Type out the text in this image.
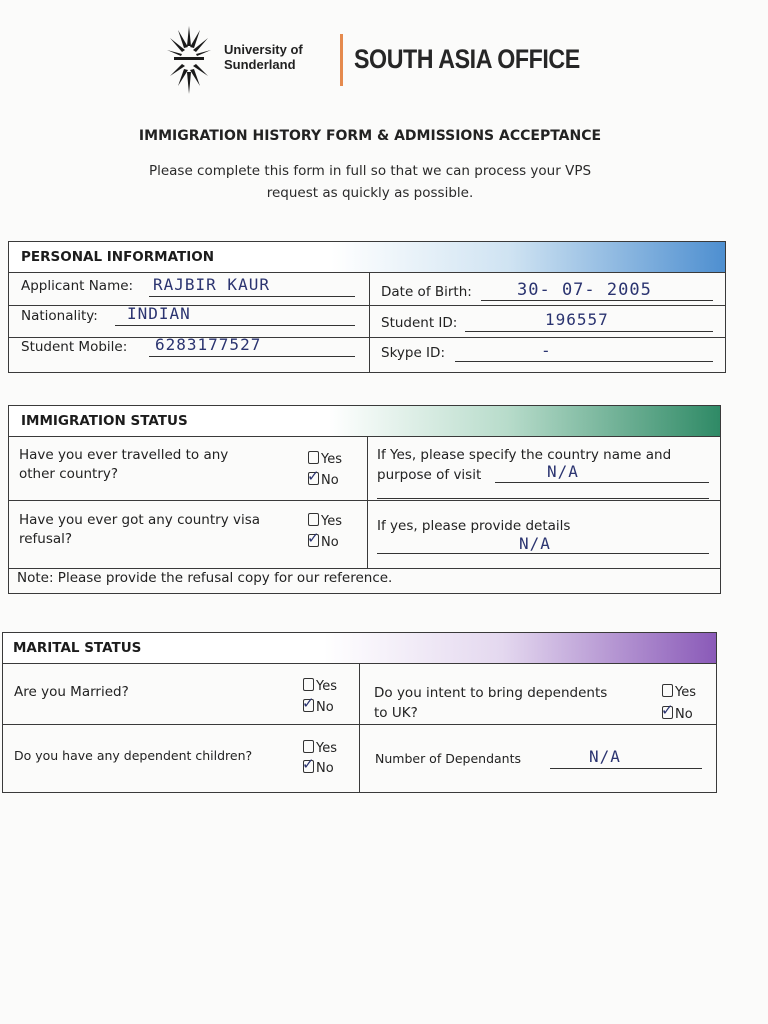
University of
Sunderland SOUTH ASIA OFFICE
IMMIGRATION HISTORY FORM & ADMISSIONS ACCEPTANCE
Please complete this form in full so that we can process your VPS
request as quickly as possible.
PERSONAL INFORMATION
Applicant Name: RAJBIR KAUR	Date of Birth:	30- 07- 2005
Nationality: INDIAN	Student ID:	196557
Student Mobile: 6283177527	Skype ID:	-
IMMIGRATION STATUS
Have you ever travelled to any
other country?
Yes
✓ No
If Yes, please specify the country name and
purpose of visit	N/A
Have you ever got any country visa
refusal?
Yes
✓ No
If yes, please provide details
N/A
Note: Please provide the refusal copy for our reference.
MARITAL STATUS
Are you Married?	Yes
✓ No
Do you intent to bring dependents
to UK?
Yes
✓ No
Do you have any dependent children?	Yes
✓ No
Number of Dependants	N/A
